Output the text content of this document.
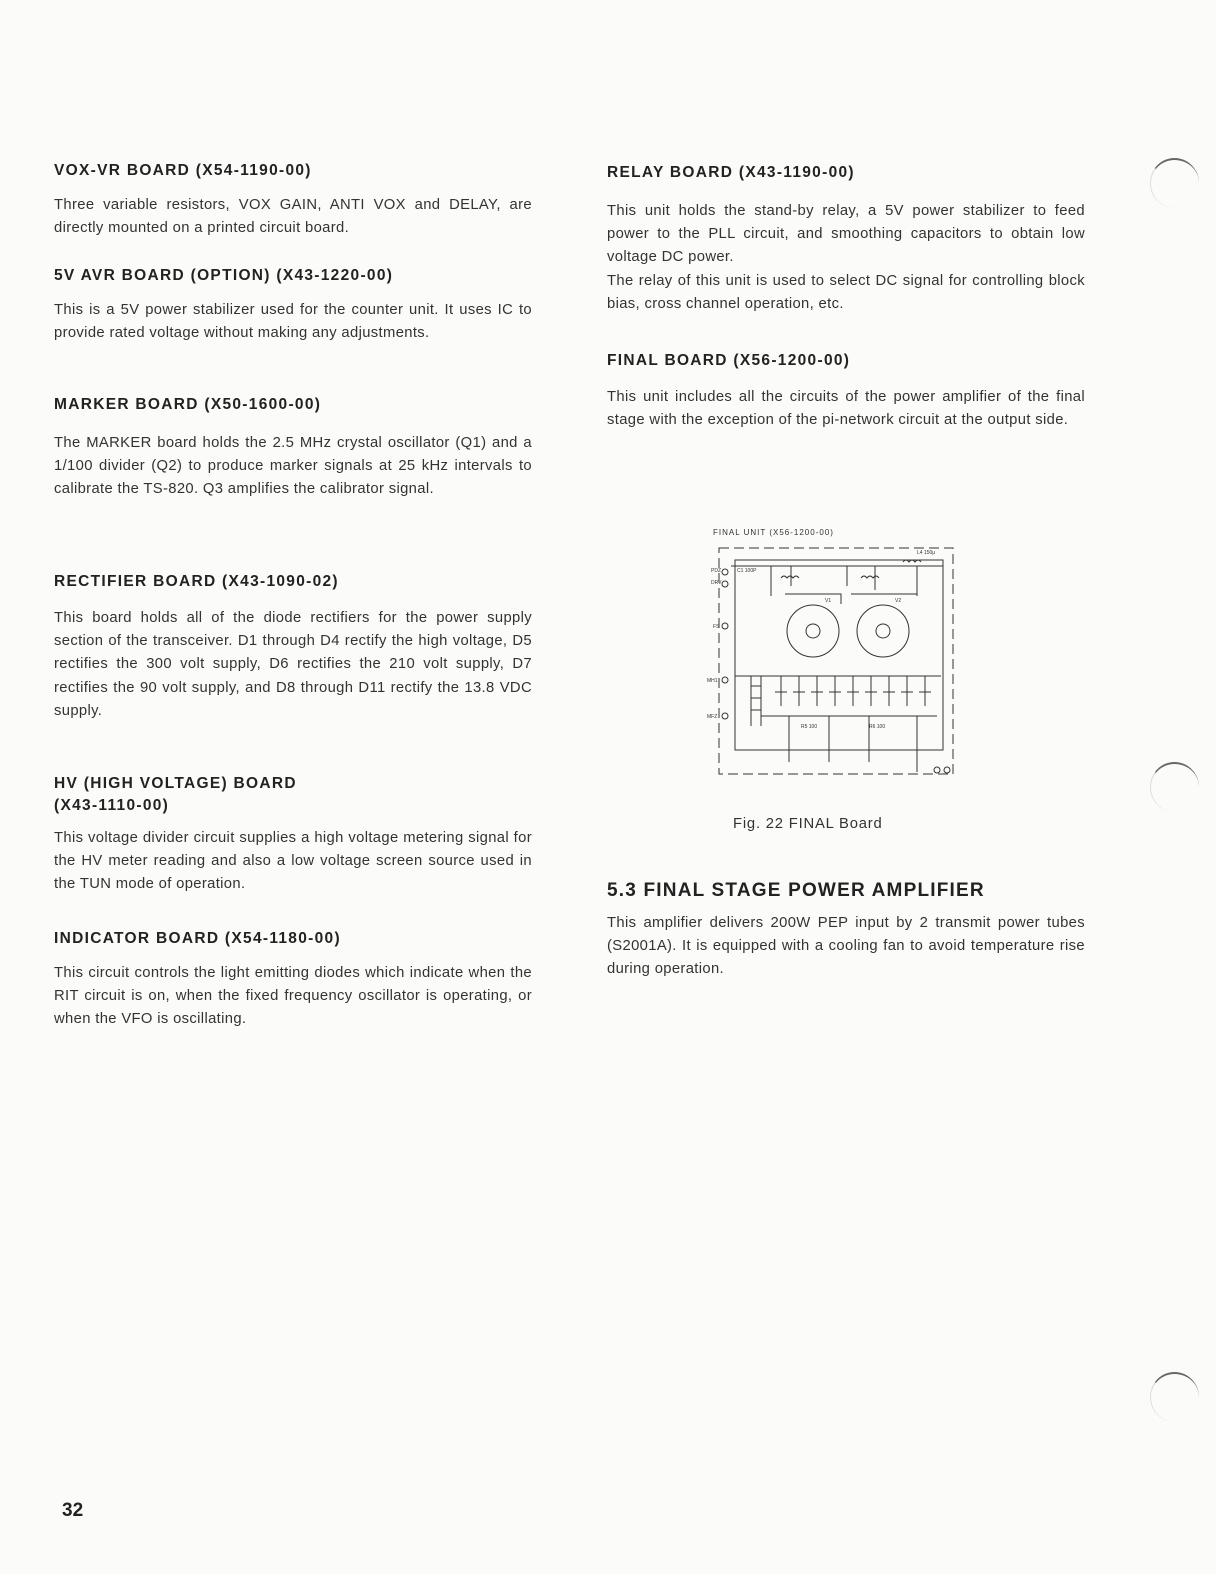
VOX-VR BOARD (X54-1190-00)

Three variable resistors, VOX GAIN, ANTI VOX and DELAY, are directly mounted on a printed circuit board.

5V AVR BOARD (OPTION) (X43-1220-00)

This is a 5V power stabilizer used for the counter unit. It uses IC to provide rated voltage without making any adjustments.

MARKER BOARD (X50-1600-00)

The MARKER board holds the 2.5 MHz crystal oscillator (Q1) and a 1/100 divider (Q2) to produce marker signals at 25 kHz intervals to calibrate the TS-820. Q3 amplifies the calibrator signal.

RECTIFIER BOARD (X43-1090-02)

This board holds all of the diode rectifiers for the power supply section of the transceiver. D1 through D4 rectify the high voltage, D5 rectifies the 300 volt supply, D6 rectifies the 210 volt supply, D7 rectifies the 90 volt supply, and D8 through D11 rectify the 13.8 VDC supply.

HV (HIGH VOLTAGE) BOARD
(X43-1110-00)

This voltage divider circuit supplies a high voltage metering signal for the HV meter reading and also a low voltage screen source used in the TUN mode of operation.

INDICATOR BOARD (X54-1180-00)

This circuit controls the light emitting diodes which indicate when the RIT circuit is on, when the fixed frequency oscillator is operating, or when the VFO is oscillating.

RELAY BOARD (X43-1190-00)

This unit holds the stand-by relay, a 5V power stabilizer to feed power to the PLL circuit, and smoothing capacitors to obtain low voltage DC power.

The relay of this unit is used to select DC signal for controlling block bias, cross channel operation, etc.

FINAL BOARD (X56-1200-00)

This unit includes all the circuits of the power amplifier of the final stage with the exception of the pi-network circuit at the output side.

FINAL UNIT (X56-1200-00)
PDZ
DRV
FS
MH1
MFZ
C1 100P
V1	V2
L4 150μ
R5 100	R6 100
Fig. 22 FINAL Board
5.3 FINAL STAGE POWER AMPLIFIER

This amplifier delivers 200W PEP input by 2 transmit power tubes (S2001A). It is equipped with a cooling fan to avoid temperature rise during operation.

32
